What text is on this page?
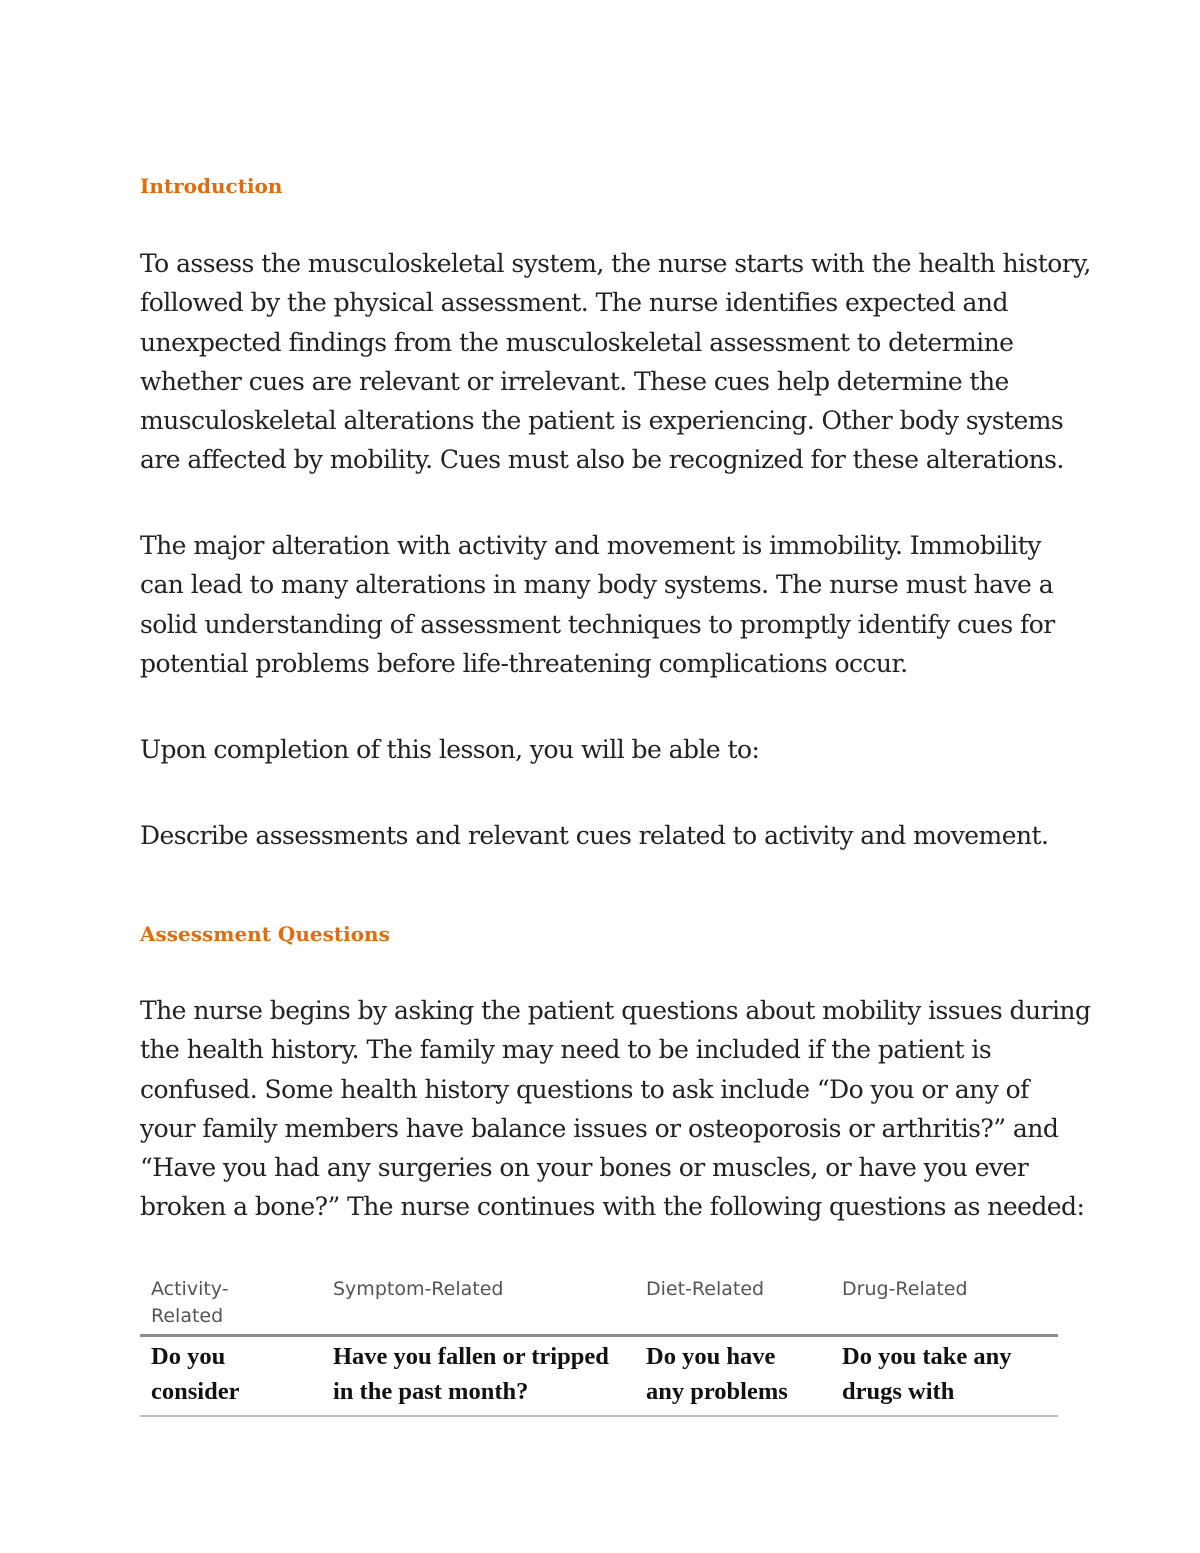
Introduction

To assess the musculoskeletal system, the nurse starts with the health history,
followed by the physical assessment. The nurse identifies expected and
unexpected findings from the musculoskeletal assessment to determine
whether cues are relevant or irrelevant. These cues help determine the
musculoskeletal alterations the patient is experiencing. Other body systems
are affected by mobility. Cues must also be recognized for these alterations.

The major alteration with activity and movement is immobility. Immobility
can lead to many alterations in many body systems. The nurse must have a
solid understanding of assessment techniques to promptly identify cues for
potential problems before life-threatening complications occur.

Upon completion of this lesson, you will be able to:

Describe assessments and relevant cues related to activity and movement.

Assessment Questions

The nurse begins by asking the patient questions about mobility issues during
the health history. The family may need to be included if the patient is
confused. Some health history questions to ask include “Do you or any of
your family members have balance issues or osteoporosis or arthritis?” and
“Have you had any surgeries on your bones or muscles, or have you ever
broken a bone?” The nurse continues with the following questions as needed:

Activity-
Related	Symptom-Related	Diet-Related	Drug-Related

Do you
consider	Have you fallen or tripped
in the past month?	Do you have
any problems	Do you take any
drugs with
